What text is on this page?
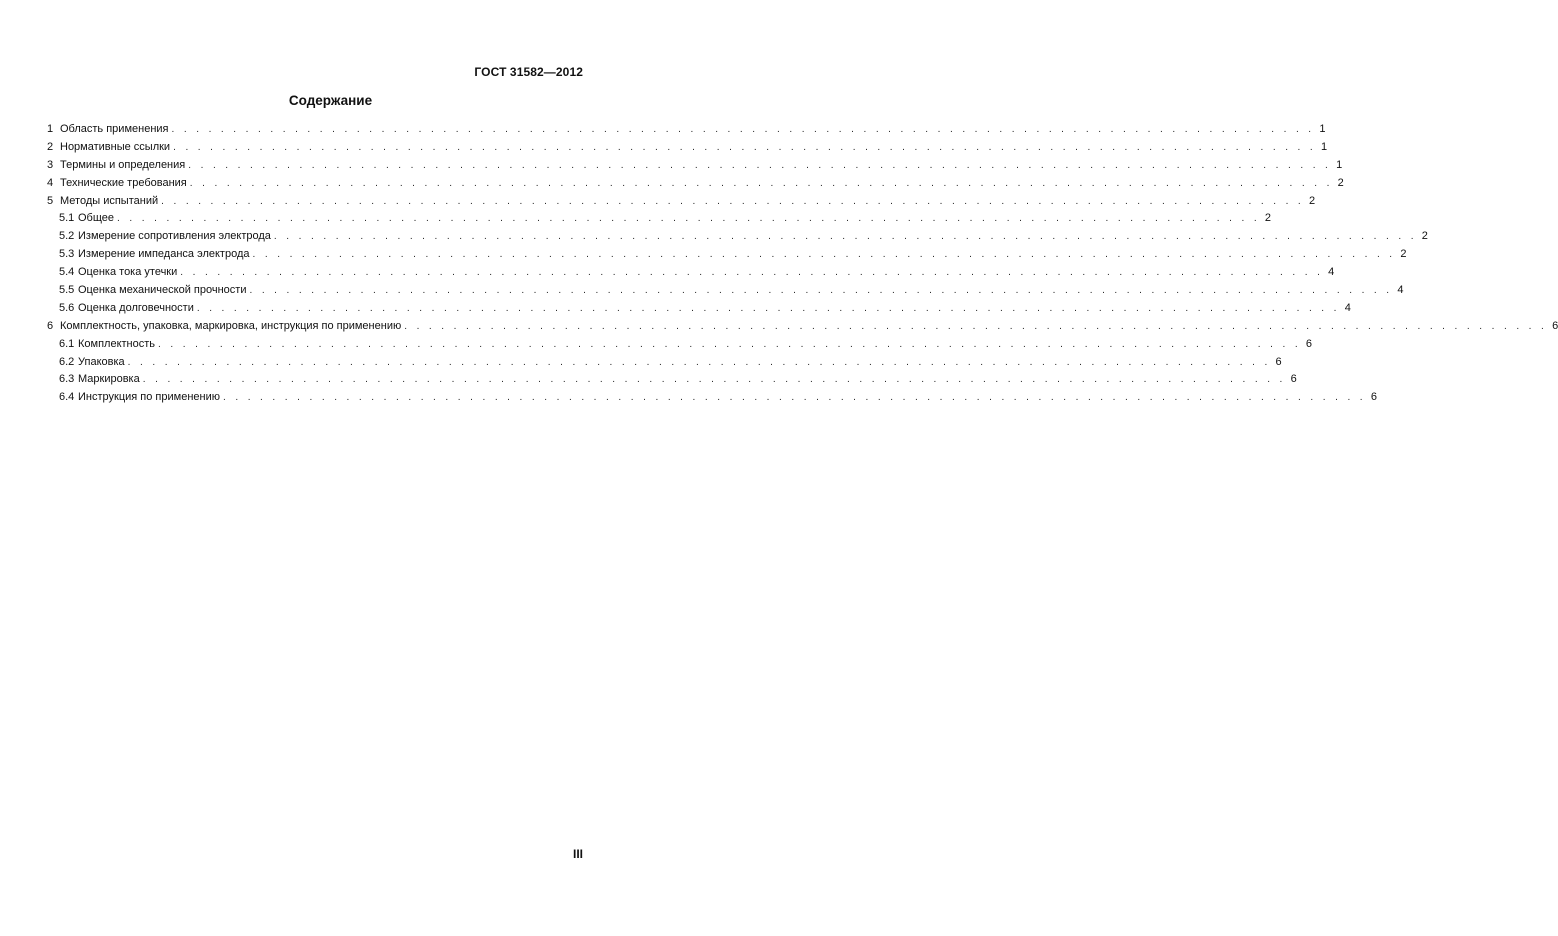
ГОСТ 31582—2012
Содержание
1 Область применения . . . . . . . . . . . . . . . . . . . . . . . . . . . . . . . . . . . . . . . . . . . . . . . . . . . . . . . . . . . . . . . . . . . . . . . . . . . . . . . . . . . . . . . . . . . . . 1
2 Нормативные ссылки . . . . . . . . . . . . . . . . . . . . . . . . . . . . . . . . . . . . . . . . . . . . . . . . . . . . . . . . . . . . . . . . . . . . . . . . . . . . . . . . . . . . . . . . . . . . . 1
3 Термины и определения . . . . . . . . . . . . . . . . . . . . . . . . . . . . . . . . . . . . . . . . . . . . . . . . . . . . . . . . . . . . . . . . . . . . . . . . . . . . . . . . . . . . . . . . . . . . . 1
4 Технические требования . . . . . . . . . . . . . . . . . . . . . . . . . . . . . . . . . . . . . . . . . . . . . . . . . . . . . . . . . . . . . . . . . . . . . . . . . . . . . . . . . . . . . . . . . . . . . 2
5 Методы испытаний . . . . . . . . . . . . . . . . . . . . . . . . . . . . . . . . . . . . . . . . . . . . . . . . . . . . . . . . . . . . . . . . . . . . . . . . . . . . . . . . . . . . . . . . . . . . . 2
5.1 Общее . . . . . . . . . . . . . . . . . . . . . . . . . . . . . . . . . . . . . . . . . . . . . . . . . . . . . . . . . . . . . . . . . . . . . . . . . . . . . . . . . . . . . . . . . . . . . 2
5.2 Измерение сопротивления электрода . . . . . . . . . . . . . . . . . . . . . . . . . . . . . . . . . . . . . . . . . . . . . . . . . . . . . . . . . . . . . . . . . . . . . . . . . . . . . . . . . . . . . . . . . . . . . 2
5.3 Измерение импеданса электрода . . . . . . . . . . . . . . . . . . . . . . . . . . . . . . . . . . . . . . . . . . . . . . . . . . . . . . . . . . . . . . . . . . . . . . . . . . . . . . . . . . . . . . . . . . . . . 2
5.4 Оценка тока утечки . . . . . . . . . . . . . . . . . . . . . . . . . . . . . . . . . . . . . . . . . . . . . . . . . . . . . . . . . . . . . . . . . . . . . . . . . . . . . . . . . . . . . . . . . . . . . 4
5.5 Оценка механической прочности . . . . . . . . . . . . . . . . . . . . . . . . . . . . . . . . . . . . . . . . . . . . . . . . . . . . . . . . . . . . . . . . . . . . . . . . . . . . . . . . . . . . . . . . . . . . . 4
5.6 Оценка долговечности . . . . . . . . . . . . . . . . . . . . . . . . . . . . . . . . . . . . . . . . . . . . . . . . . . . . . . . . . . . . . . . . . . . . . . . . . . . . . . . . . . . . . . . . . . . . . 4
6 Комплектность, упаковка, маркировка, инструкция по применению . . . . . . . . . . . . . . . . . . . . . . . . . . . . . . . . . . . . . . . . . . . . . . . . . . . . . . . . . . . . . . . . . . . . . . . . . . . . . . . . . . . . . . . . . . . . . 6
6.1 Комплектность . . . . . . . . . . . . . . . . . . . . . . . . . . . . . . . . . . . . . . . . . . . . . . . . . . . . . . . . . . . . . . . . . . . . . . . . . . . . . . . . . . . . . . . . . . . . . 6
6.2 Упаковка . . . . . . . . . . . . . . . . . . . . . . . . . . . . . . . . . . . . . . . . . . . . . . . . . . . . . . . . . . . . . . . . . . . . . . . . . . . . . . . . . . . . . . . . . . . . . 6
6.3 Маркировка . . . . . . . . . . . . . . . . . . . . . . . . . . . . . . . . . . . . . . . . . . . . . . . . . . . . . . . . . . . . . . . . . . . . . . . . . . . . . . . . . . . . . . . . . . . . . 6
6.4 Инструкция по применению . . . . . . . . . . . . . . . . . . . . . . . . . . . . . . . . . . . . . . . . . . . . . . . . . . . . . . . . . . . . . . . . . . . . . . . . . . . . . . . . . . . . . . . . . . . . . 6
III
